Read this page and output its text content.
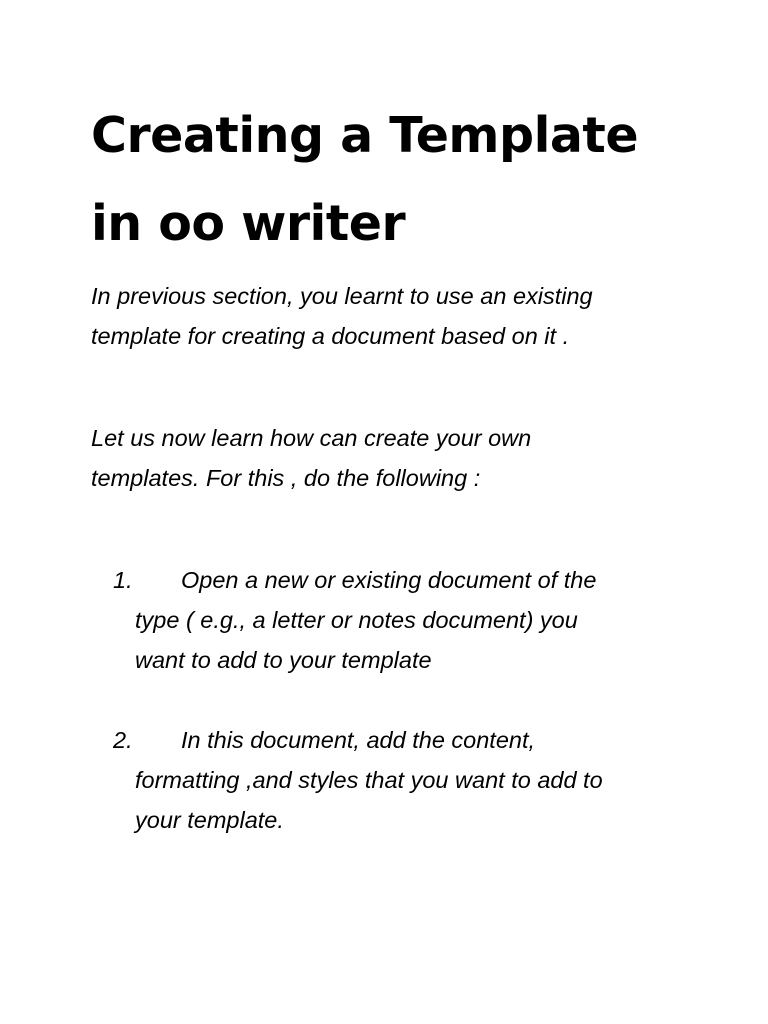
Creating a Template
in oo writer

In previous section, you learnt to use an existing
template for creating a document based on it .

Let us now learn how can create your own
templates. For this , do the following :

1. Open a new or existing document of the
type ( e.g., a letter or notes document) you
want to add to your template
2. In this document, add the content,
formatting ,and styles that you want to add to
your template.
